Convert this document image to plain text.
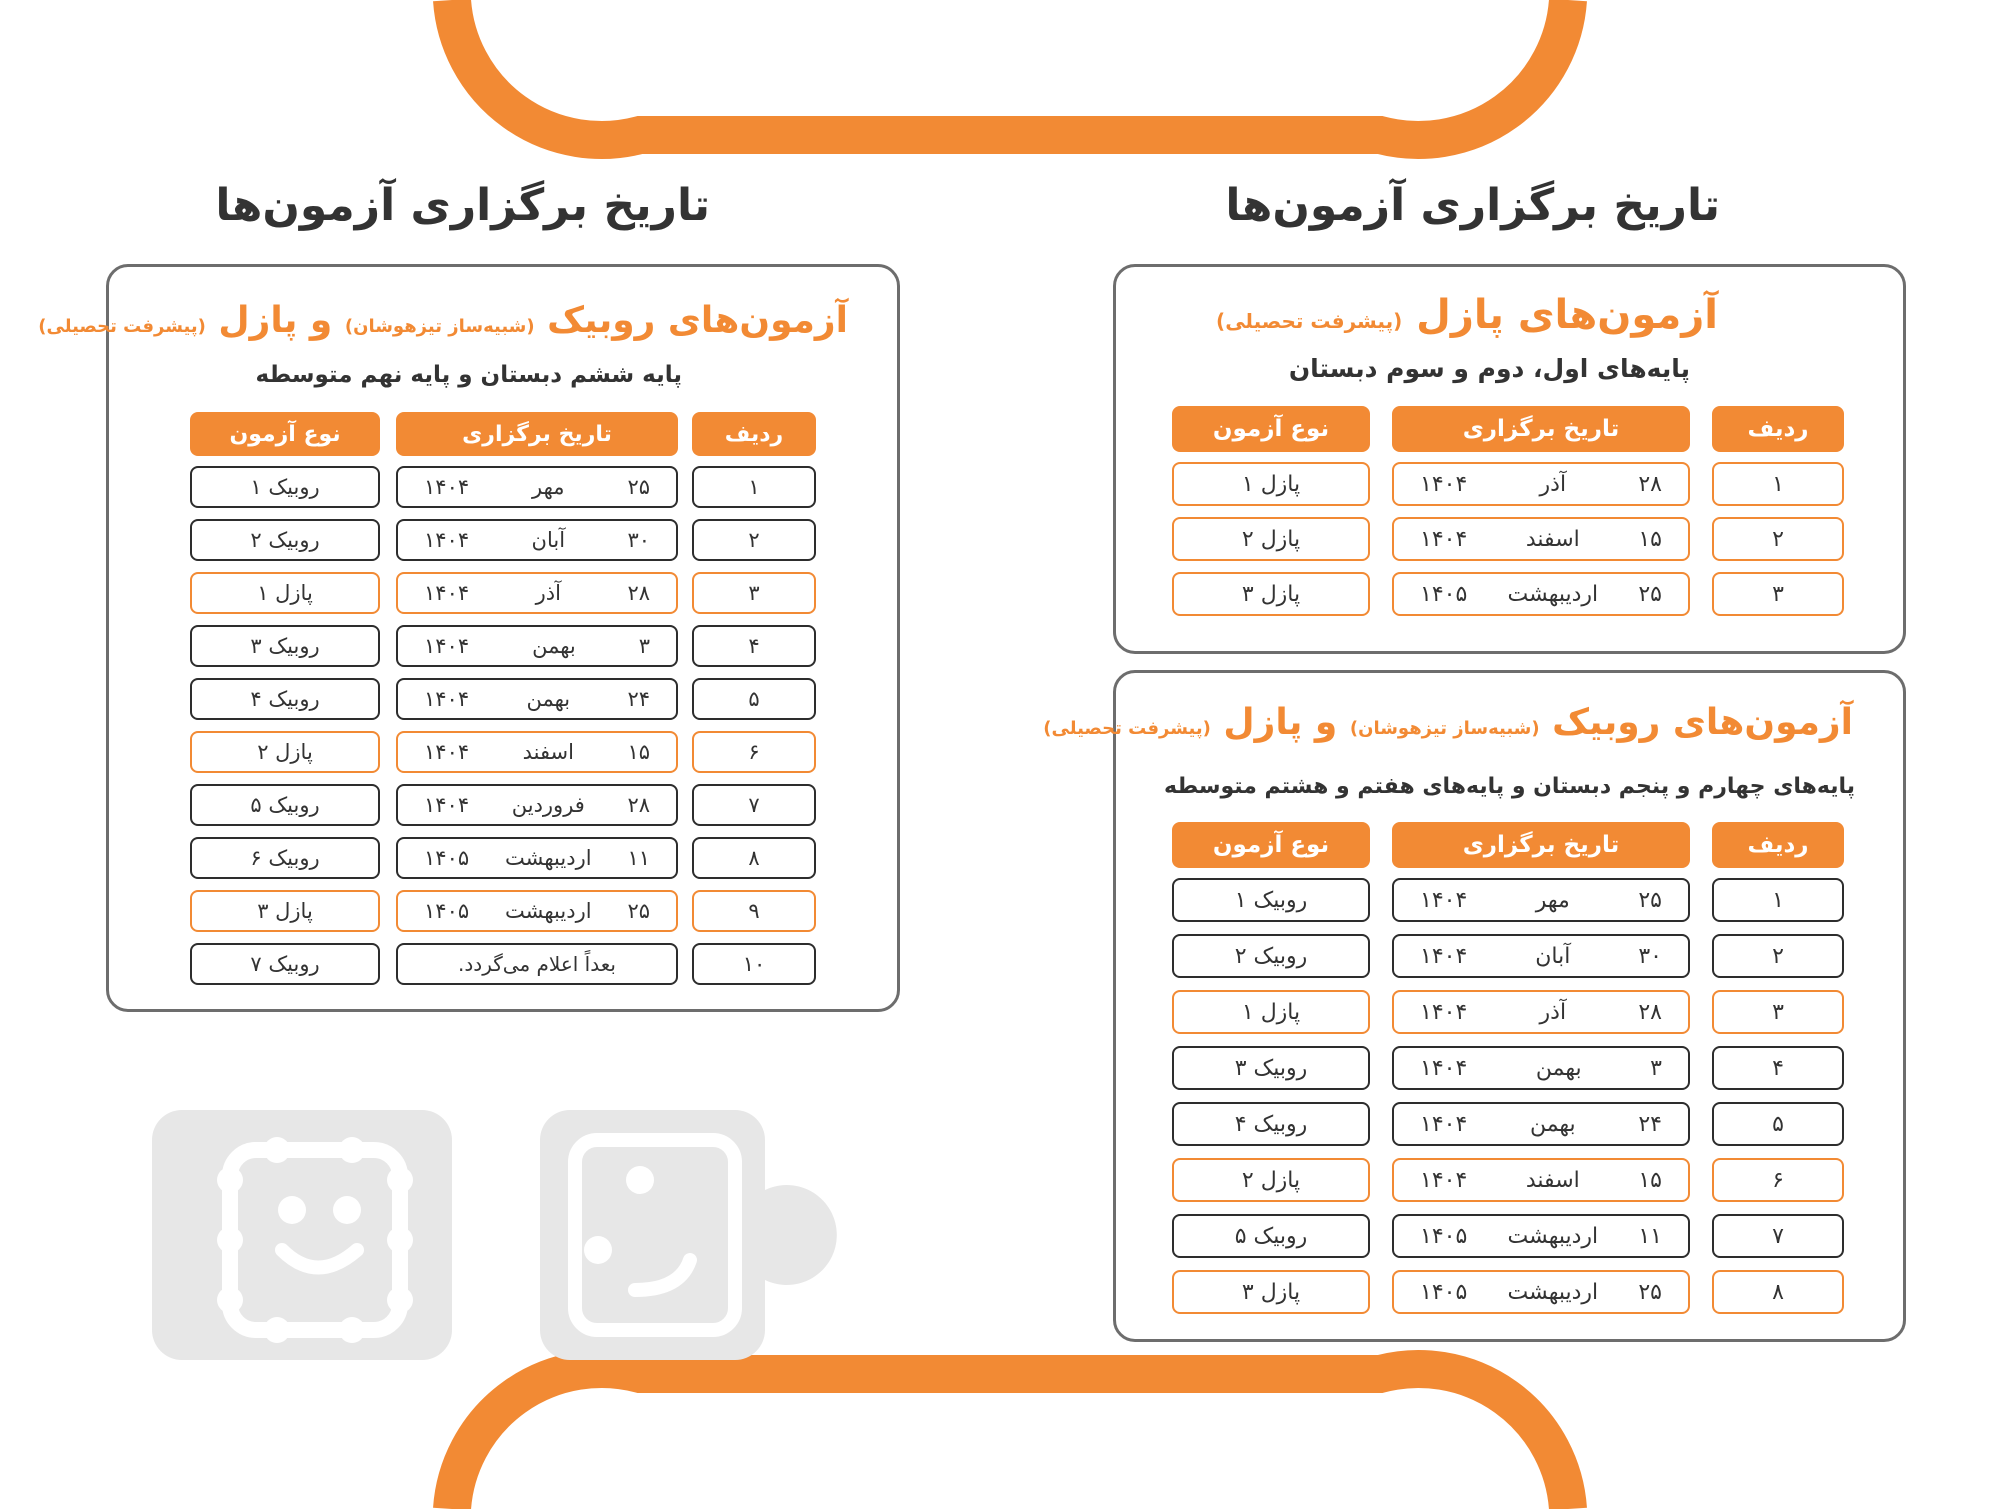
تاریخ برگزاری آزمون‌ها
تاریخ برگزاری آزمون‌ها
آزمون‌های پازل (پیشرفت تحصیلی)
پایه‌های اول، دوم و سوم دبستان
ردیف
تاریخ برگزاری
نوع آزمون
۱
۲۸
آذر
۱۴۰۴
پازل ۱
۲
۱۵
اسفند
۱۴۰۴
پازل ۲
۳
۲۵
اردیبهشت
۱۴۰۵
پازل ۳
آزمون‌های روبیک (شبیه‌ساز تیزهوشان) و پازل (پیشرفت تحصیلی)
پایه‌های چهارم و پنجم دبستان و پایه‌های هفتم و هشتم متوسطه
ردیف
تاریخ برگزاری
نوع آزمون
۱
۲۵
مهر
۱۴۰۴
روبیک ۱
۲
۳۰
آبان
۱۴۰۴
روبیک ۲
۳
۲۸
آذر
۱۴۰۴
پازل ۱
۴
۳
بهمن
۱۴۰۴
روبیک ۳
۵
۲۴
بهمن
۱۴۰۴
روبیک ۴
۶
۱۵
اسفند
۱۴۰۴
پازل ۲
۷
۱۱
اردیبهشت
۱۴۰۵
روبیک ۵
۸
۲۵
اردیبهشت
۱۴۰۵
پازل ۳
آزمون‌های روبیک (شبیه‌ساز تیزهوشان) و پازل (پیشرفت تحصیلی)
پایه ششم دبستان و پایه نهم متوسطه
ردیف
تاریخ برگزاری
نوع آزمون
۱
۲۵
مهر
۱۴۰۴
روبیک ۱
۲
۳۰
آبان
۱۴۰۴
روبیک ۲
۳
۲۸
آذر
۱۴۰۴
پازل ۱
۴
۳
بهمن
۱۴۰۴
روبیک ۳
۵
۲۴
بهمن
۱۴۰۴
روبیک ۴
۶
۱۵
اسفند
۱۴۰۴
پازل ۲
۷
۲۸
فروردین
۱۴۰۴
روبیک ۵
۸
۱۱
اردیبهشت
۱۴۰۵
روبیک ۶
۹
۲۵
اردیبهشت
۱۴۰۵
پازل ۳
۱۰
بعداً اعلام می‌گردد.
روبیک ۷
